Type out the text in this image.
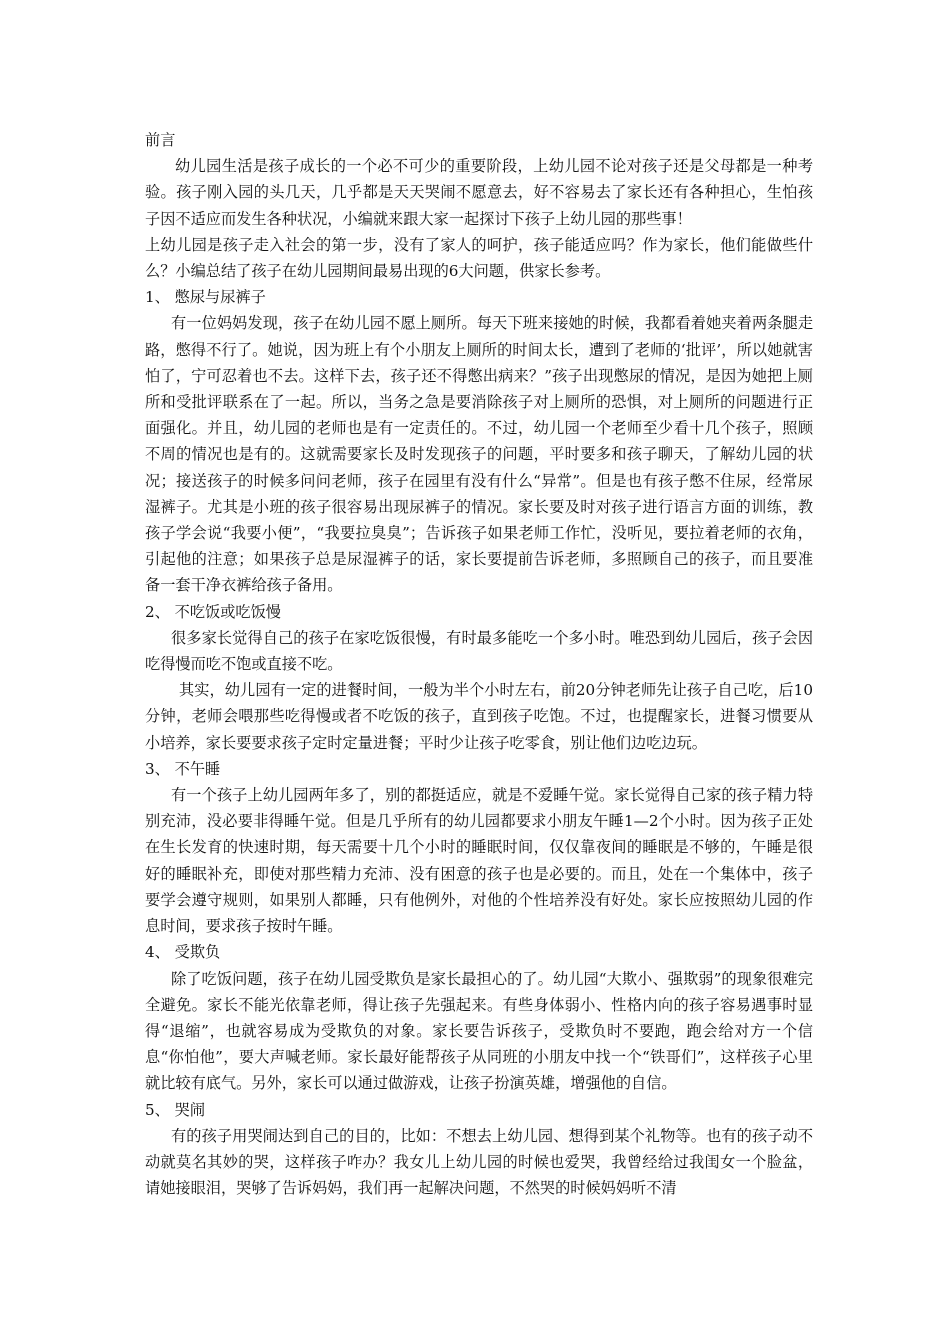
前言

幼儿园生活是孩子成长的一个必不可少的重要阶段，上幼儿园不论对孩子还是父母都是一种考验。孩子刚入园的头几天，几乎都是天天哭闹不愿意去，好不容易去了家长还有各种担心，生怕孩子因不适应而发生各种状况，小编就来跟大家一起探讨下孩子上幼儿园的那些事！

上幼儿园是孩子走入社会的第一步，没有了家人的呵护，孩子能适应吗？作为家长，他们能做些什么？小编总结了孩子在幼儿园期间最易出现的6大问题，供家长参考。

1、 憋尿与尿裤子

有一位妈妈发现，孩子在幼儿园不愿上厕所。每天下班来接她的时候，我都看着她夹着两条腿走路，憋得不行了。她说，因为班上有个小朋友上厕所的时间太长，遭到了老师的‘批评’，所以她就害怕了，宁可忍着也不去。这样下去，孩子还不得憋出病来？”孩子出现憋尿的情况，是因为她把上厕所和受批评联系在了一起。所以，当务之急是要消除孩子对上厕所的恐惧，对上厕所的问题进行正面强化。并且，幼儿园的老师也是有一定责任的。不过，幼儿园一个老师至少看十几个孩子，照顾不周的情况也是有的。这就需要家长及时发现孩子的问题，平时要多和孩子聊天，了解幼儿园的状况；接送孩子的时候多问问老师，孩子在园里有没有什么“异常”。但是也有孩子憋不住尿，经常尿湿裤子。尤其是小班的孩子很容易出现尿裤子的情况。家长要及时对孩子进行语言方面的训练，教孩子学会说“我要小便”，“我要拉臭臭”；告诉孩子如果老师工作忙，没听见，要拉着老师的衣角，引起他的注意；如果孩子总是尿湿裤子的话，家长要提前告诉老师，多照顾自己的孩子，而且要准备一套干净衣裤给孩子备用。

2、 不吃饭或吃饭慢

很多家长觉得自己的孩子在家吃饭很慢，有时最多能吃一个多小时。唯恐到幼儿园后，孩子会因吃得慢而吃不饱或直接不吃。

其实，幼儿园有一定的进餐时间，一般为半个小时左右，前20分钟老师先让孩子自己吃，后10分钟，老师会喂那些吃得慢或者不吃饭的孩子，直到孩子吃饱。不过，也提醒家长，进餐习惯要从小培养，家长要要求孩子定时定量进餐；平时少让孩子吃零食，别让他们边吃边玩。

3、 不午睡

有一个孩子上幼儿园两年多了，别的都挺适应，就是不爱睡午觉。家长觉得自己家的孩子精力特别充沛，没必要非得睡午觉。但是几乎所有的幼儿园都要求小朋友午睡1—2个小时。因为孩子正处在生长发育的快速时期，每天需要十几个小时的睡眠时间，仅仅靠夜间的睡眠是不够的，午睡是很好的睡眠补充，即使对那些精力充沛、没有困意的孩子也是必要的。而且，处在一个集体中，孩子要学会遵守规则，如果别人都睡，只有他例外，对他的个性培养没有好处。家长应按照幼儿园的作息时间，要求孩子按时午睡。

4、 受欺负

除了吃饭问题，孩子在幼儿园受欺负是家长最担心的了。幼儿园“大欺小、强欺弱”的现象很难完全避免。家长不能光依靠老师，得让孩子先强起来。有些身体弱小、性格内向的孩子容易遇事时显得“退缩”，也就容易成为受欺负的对象。家长要告诉孩子，受欺负时不要跑，跑会给对方一个信息“你怕他”，要大声喊老师。家长最好能帮孩子从同班的小朋友中找一个“铁哥们”，这样孩子心里就比较有底气。另外，家长可以通过做游戏，让孩子扮演英雄，增强他的自信。

5、 哭闹

有的孩子用哭闹达到自己的目的，比如：不想去上幼儿园、想得到某个礼物等。也有的孩子动不动就莫名其妙的哭，这样孩子咋办？我女儿上幼儿园的时候也爱哭，我曾经给过我闺女一个脸盆，请她接眼泪，哭够了告诉妈妈，我们再一起解决问题，不然哭的时候妈妈听不清
